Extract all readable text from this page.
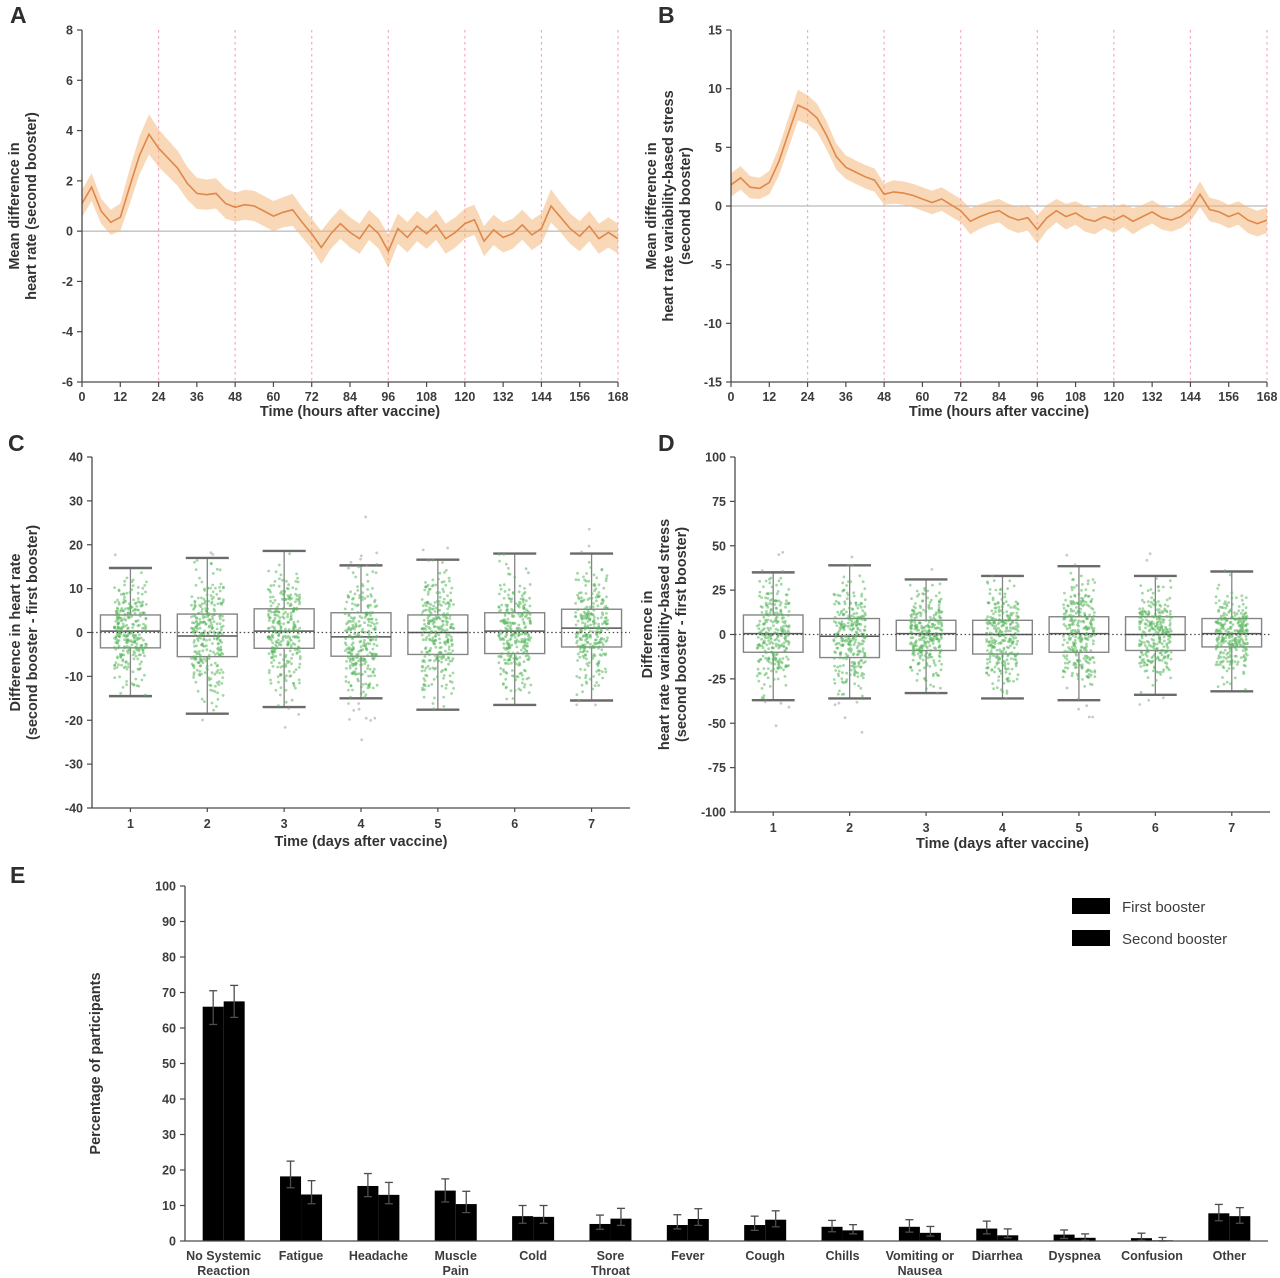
A
-6
-4
-2
0
2
4
6
8
0 12 24 36 48 60 72 84 96 108 120 132 144 156 168
Time (hours after vaccine)
Mean difference in heart rate (second booster)
B
-15
-10
-5
0
5
10
15
0 12 24 36 48 60 72 84 96 108 120 132 144 156 168
Time (hours after vaccine)
Mean difference in heart rate variability-based stress (second booster)
C
-40
-30
-20
-10
0
10
20
30
40
1	2	3	4	5	6	7
Time (days after vaccine)
Difference in heart rate (second booster - first booster)
D
-100
-75
-50
-25
0
25
50
75
100
1	2	3	4	5	6	7
Time (days after vaccine)
Difference in heart rate variability-based stress (second booster - first booster)
E
0
10
20
30
40
50
60
70
80
90
100
No Systemic Reaction
Fatigue Headache Muscle Pain
Cold	Sore Throat
Fever	Cough	Chills Vomiting or Nausea
Diarrhea Dyspnea Confusion Other
Percentage of participants
First booster
Second booster
